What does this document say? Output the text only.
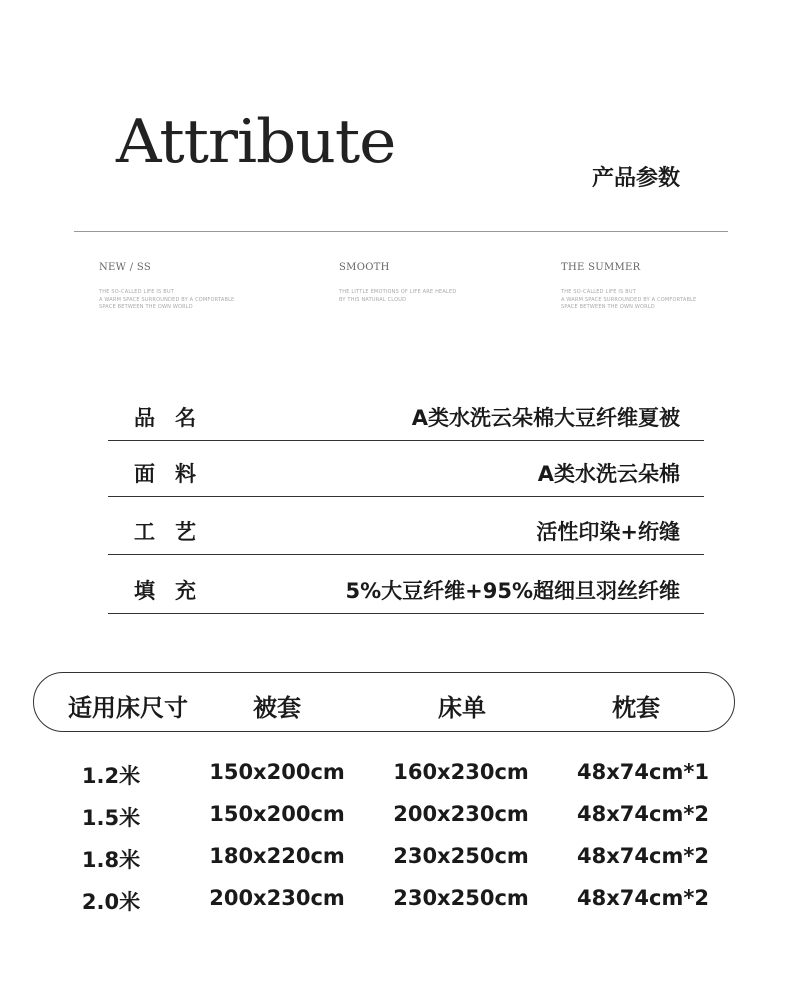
Attribute
产品参数
NEW / SS
THE SO-CALLED LIFE IS BUT
A WARM SPACE SURROUNDED BY A COMFORTABLE
SPACE BETWEEN THE OWN WORLD
SMOOTH
THE LITTLE EMOTIONS OF LIFE ARE HEALED
BY THIS NATURAL CLOUD
THE SUMMER
THE SO-CALLED LIFE IS BUT
A WARM SPACE SURROUNDED BY A COMFORTABLE
SPACE BETWEEN THE OWN WORLD
品名	A类水洗云朵棉大豆纤维夏被
面料	A类水洗云朵棉
工艺	活性印染+绗缝
填充	5%大豆纤维+95%超细旦羽丝纤维
适用床尺寸	被套	床单	枕套
1.2米	150x200cm 160x230cm 48x74cm*1
1.5米	150x200cm 200x230cm 48x74cm*2
1.8米	180x220cm 230x250cm 48x74cm*2
2.0米	200x230cm 230x250cm 48x74cm*2
